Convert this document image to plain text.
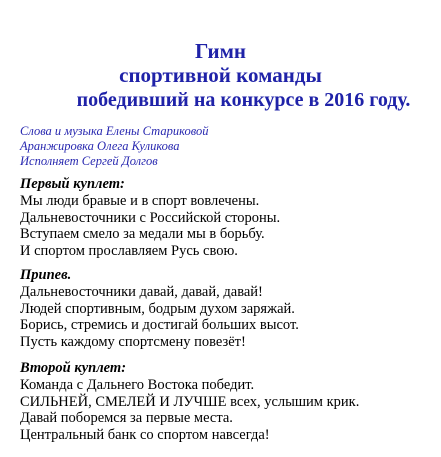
Гимн
спортивной команды
победивший на конкурсе в 2016 году.
Слова и музыка Елены Стариковой
Аранжировка Олега Куликова
Исполняет Сергей Долгов
Первый куплет:
Мы люди бравые и в спорт вовлечены.
Дальневосточники с Российской стороны.
Вступаем смело за медали мы в борьбу.
И спортом прославляем Русь свою.
Припев.
Дальневосточники давай, давай, давай!
Людей спортивным, бодрым духом заряжай.
Борись, стремись и достигай больших высот.
Пусть каждому спортсмену повезёт!
Второй куплет:
Команда с Дальнего Востока победит.
СИЛЬНЕЙ, СМЕЛЕЙ И ЛУЧШЕ всех, услышим крик.
Давай поборемся за первые места.
Центральный банк со спортом навсегда!
